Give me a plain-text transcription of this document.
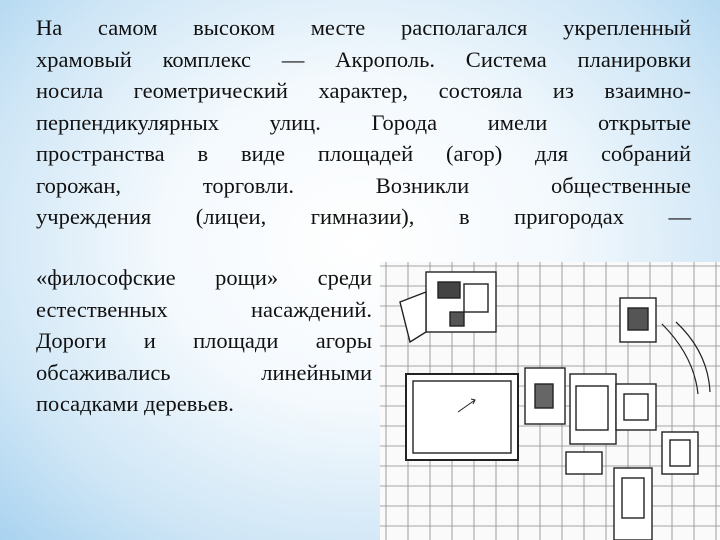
На самом высоком месте располагался укрепленный
храмовый комплекс — Акрополь. Система планировки
носила геометрический характер, состояла из взаимно-
перпендикулярных улиц. Города имели открытые
пространства в виде площадей (агор) для собраний
горожан, торговли. Возникли общественные
учреждения (лицеи, гимназии), в пригородах —
«философские рощи» среди
естественных насаждений.
Дороги и площади агоры
обсаживались линейными
посадками деревьев.
